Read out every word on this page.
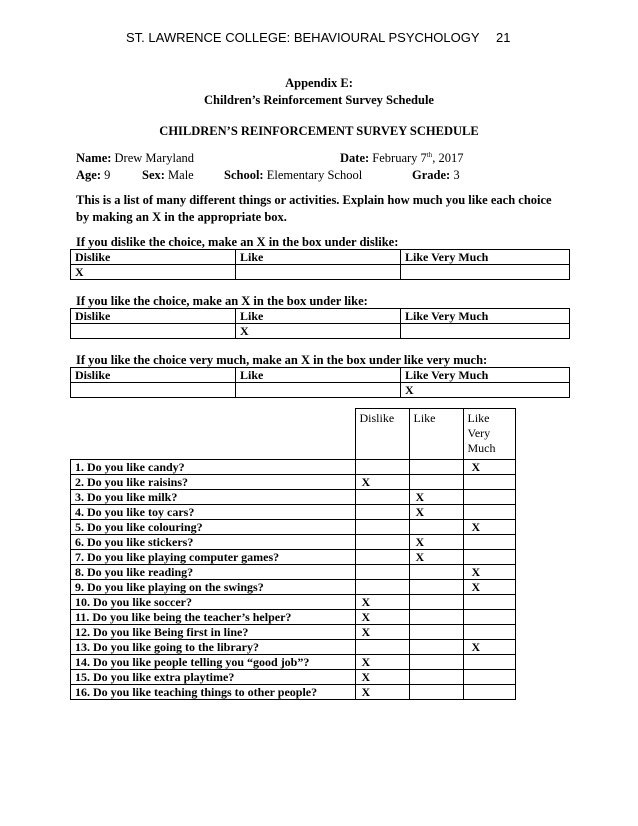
ST. LAWRENCE COLLEGE: BEHAVIOURAL PSYCHOLOGY 21
Appendix E:
Children’s Reinforcement Survey Schedule
CHILDREN’S REINFORCEMENT SURVEY SCHEDULE
Name: Drew Maryland	Date: February 7th, 2017
Age: 9	Sex: Male School: Elementary School	Grade: 3
This is a list of many different things or activities. Explain how much you like each choice by making an X in the appropriate box.
If you dislike the choice, make an X in the box under dislike:
Dislike	Like	Like Very Much
X		
If you like the choice, make an X in the box under like:
Dislike	Like	Like Very Much
	X	
If you like the choice very much, make an X in the box under like very much:
Dislike	Like	Like Very Much
		X
	Dislike	Like	Like
Very
Much

1. Do you like candy?			X
2. Do you like raisins?	X		
3. Do you like milk?		X	
4. Do you like toy cars?		X	
5. Do you like colouring?			X
6. Do you like stickers?		X	
7. Do you like playing computer games?		X	
8. Do you like reading?			X
9. Do you like playing on the swings?			X
10. Do you like soccer?	X		
11. Do you like being the teacher’s helper?	X		
12. Do you like Being first in line?	X		
13. Do you like going to the library?			X
14. Do you like people telling you “good job”?	X		
15. Do you like extra playtime?	X		
16. Do you like teaching things to other people?	X		
